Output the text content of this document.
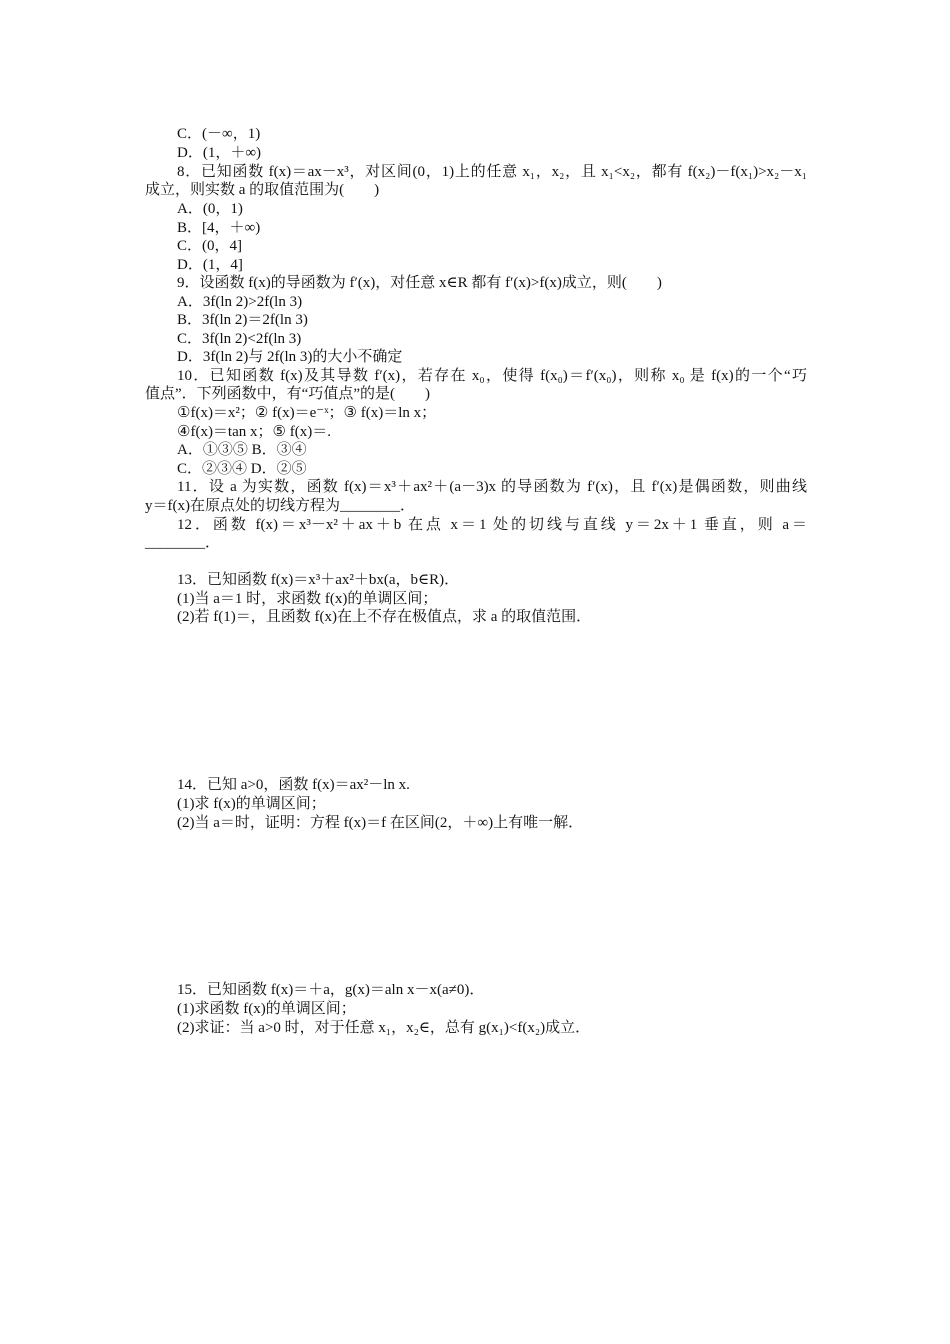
C．(－∞，1)
D．(1，＋∞)
8．已知函数 f(x)＝ax－x³，对区间(0，1)上的任意 x₁，x₂，且 x₁<x₂，都有 f(x₂)－f(x₁)>x₂－x₁
成立，则实数 a 的取值范围为(　　)
A．(0，1)
B．[4，＋∞)
C．(0，4]
D．(1，4]
9．设函数 f(x)的导函数为 f′(x)，对任意 x∈R 都有 f′(x)>f(x)成立，则(　　)
A．3f(ln 2)>2f(ln 3)
B．3f(ln 2)＝2f(ln 3)
C．3f(ln 2)<2f(ln 3)
D．3f(ln 2)与 2f(ln 3)的大小不确定
10．已知函数 f(x)及其导数 f′(x)，若存在 x₀，使得 f(x₀)＝f′(x₀)，则称 x₀ 是 f(x)的一个“巧
值点”．下列函数中，有“巧值点”的是(　　)
①f(x)＝x²；② f(x)＝e⁻ˣ；③ f(x)＝ln x；
④f(x)＝tan x；⑤ f(x)＝.
A．①③⑤ B．③④
C．②③④ D．②⑤
11．设 a 为实数，函数 f(x)＝x³＋ax²＋(a－3)x 的导函数为 f′(x)，且 f′(x)是偶函数，则曲线
y＝f(x)在原点处的切线方程为________．
12．函数 f(x)＝x³－x²＋ax＋b 在点 x＝1 处的切线与直线 y＝2x＋1 垂直，则 a＝
________．
13．已知函数 f(x)＝x³＋ax²＋bx(a，b∈R)．
(1)当 a＝1 时，求函数 f(x)的单调区间；
(2)若 f(1)＝，且函数 f(x)在上不存在极值点，求 a 的取值范围．
14．已知 a>0，函数 f(x)＝ax²－ln x.
(1)求 f(x)的单调区间；
(2)当 a＝时，证明：方程 f(x)＝f 在区间(2，＋∞)上有唯一解．
15．已知函数 f(x)＝＋a，g(x)＝aln x－x(a≠0)．
(1)求函数 f(x)的单调区间；
(2)求证：当 a>0 时，对于任意 x₁，x₂∈，总有 g(x₁)<f(x₂)成立．
